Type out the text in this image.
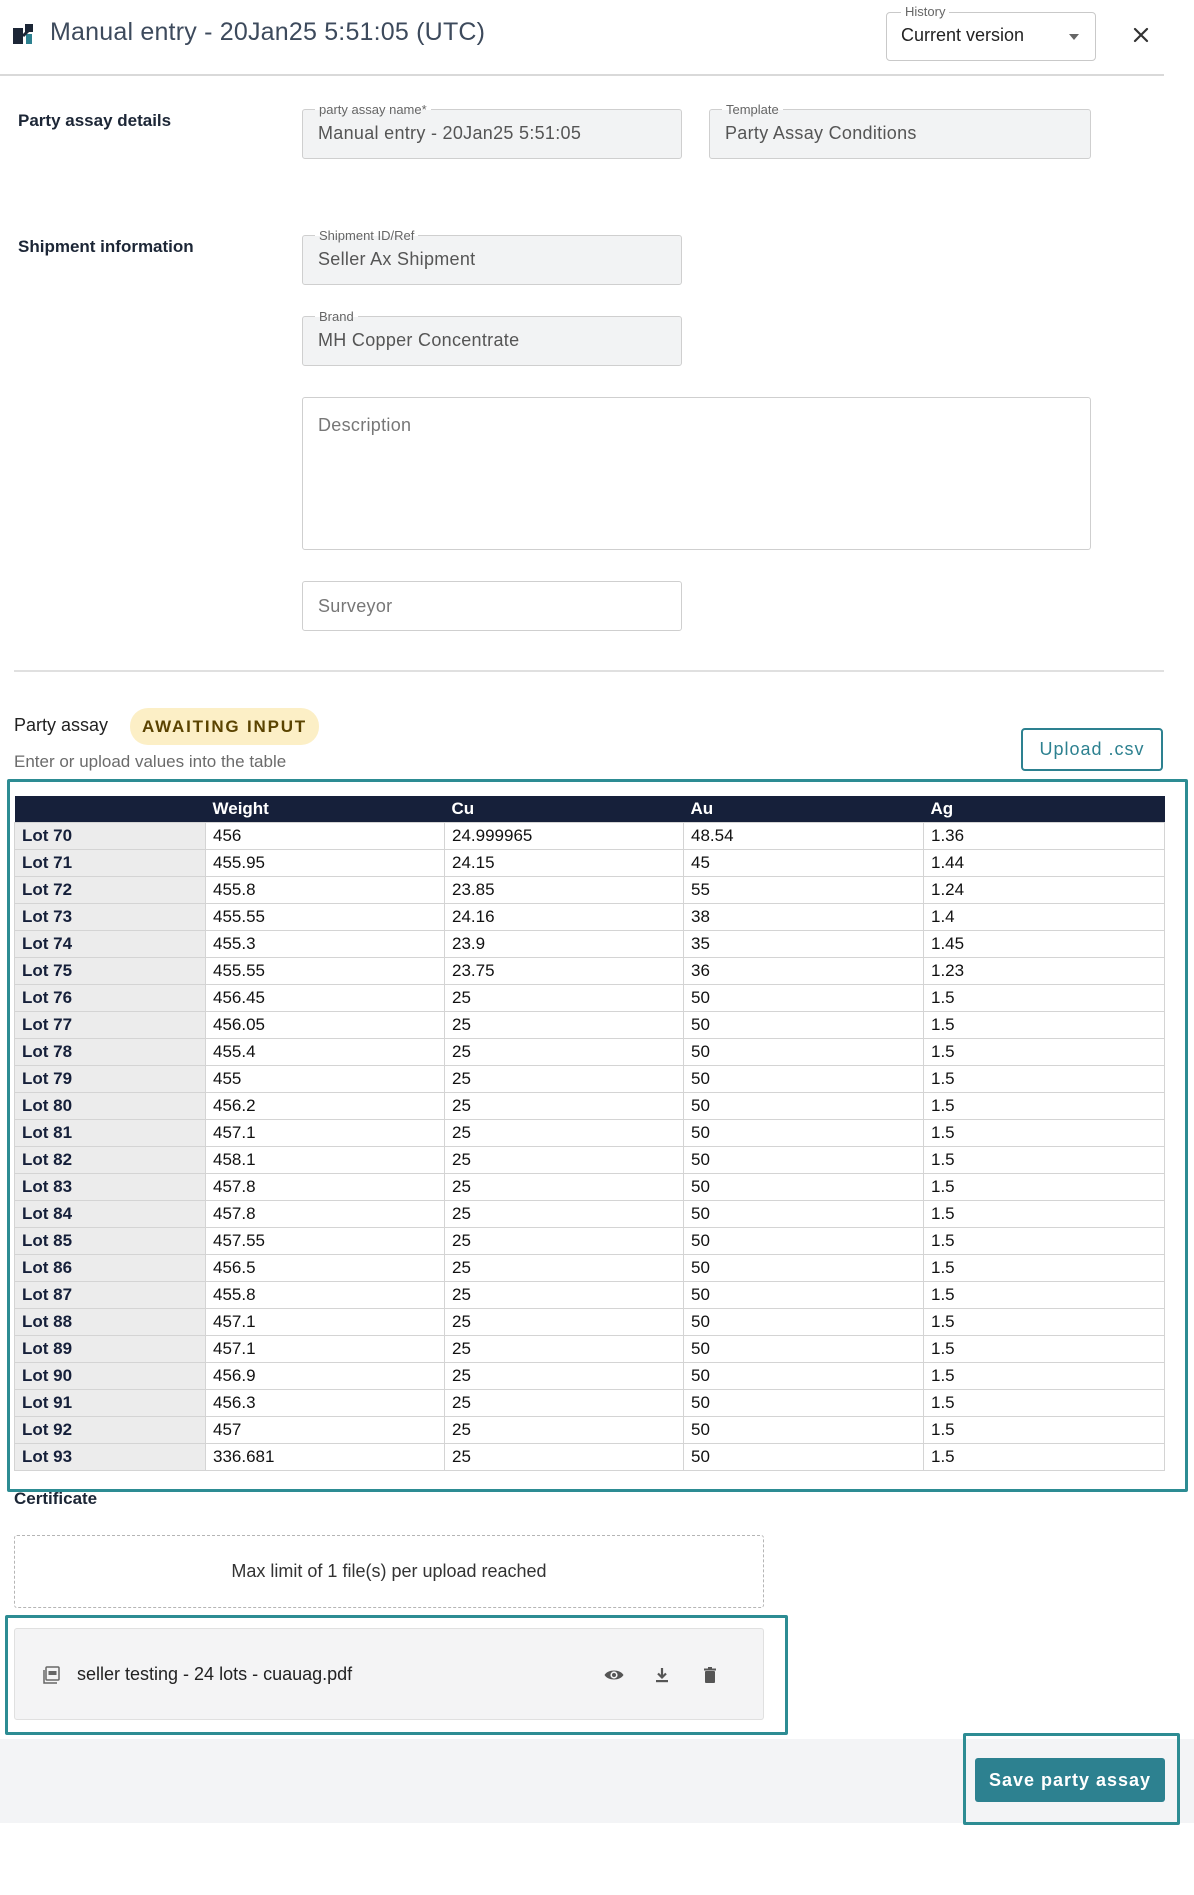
Manual entry - 20Jan25 5:51:05 (UTC)
History
Current version
Party assay details
party assay name*
Manual entry - 20Jan25 5:51:05
Template
Party Assay Conditions
Shipment information
Shipment ID/Ref
Seller Ax Shipment
Brand
MH Copper Concentrate
Description
Surveyor
Party assay	AWAITING INPUT
Enter or upload values into the table
Upload .csv
	Weight	Cu	Au	Ag
Lot 70	456	24.999965	48.54	1.36
Lot 71	455.95	24.15	45	1.44
Lot 72	455.8	23.85	55	1.24
Lot 73	455.55	24.16	38	1.4
Lot 74	455.3	23.9	35	1.45
Lot 75	455.55	23.75	36	1.23
Lot 76	456.45	25	50	1.5
Lot 77	456.05	25	50	1.5
Lot 78	455.4	25	50	1.5
Lot 79	455	25	50	1.5
Lot 80	456.2	25	50	1.5
Lot 81	457.1	25	50	1.5
Lot 82	458.1	25	50	1.5
Lot 83	457.8	25	50	1.5
Lot 84	457.8	25	50	1.5
Lot 85	457.55	25	50	1.5
Lot 86	456.5	25	50	1.5
Lot 87	455.8	25	50	1.5
Lot 88	457.1	25	50	1.5
Lot 89	457.1	25	50	1.5
Lot 90	456.9	25	50	1.5
Lot 91	456.3	25	50	1.5
Lot 92	457	25	50	1.5
Lot 93	336.681	25	50	1.5
Certificate
Max limit of 1 file(s) per upload reached
seller testing - 24 lots - cuauag.pdf
Save party assay
